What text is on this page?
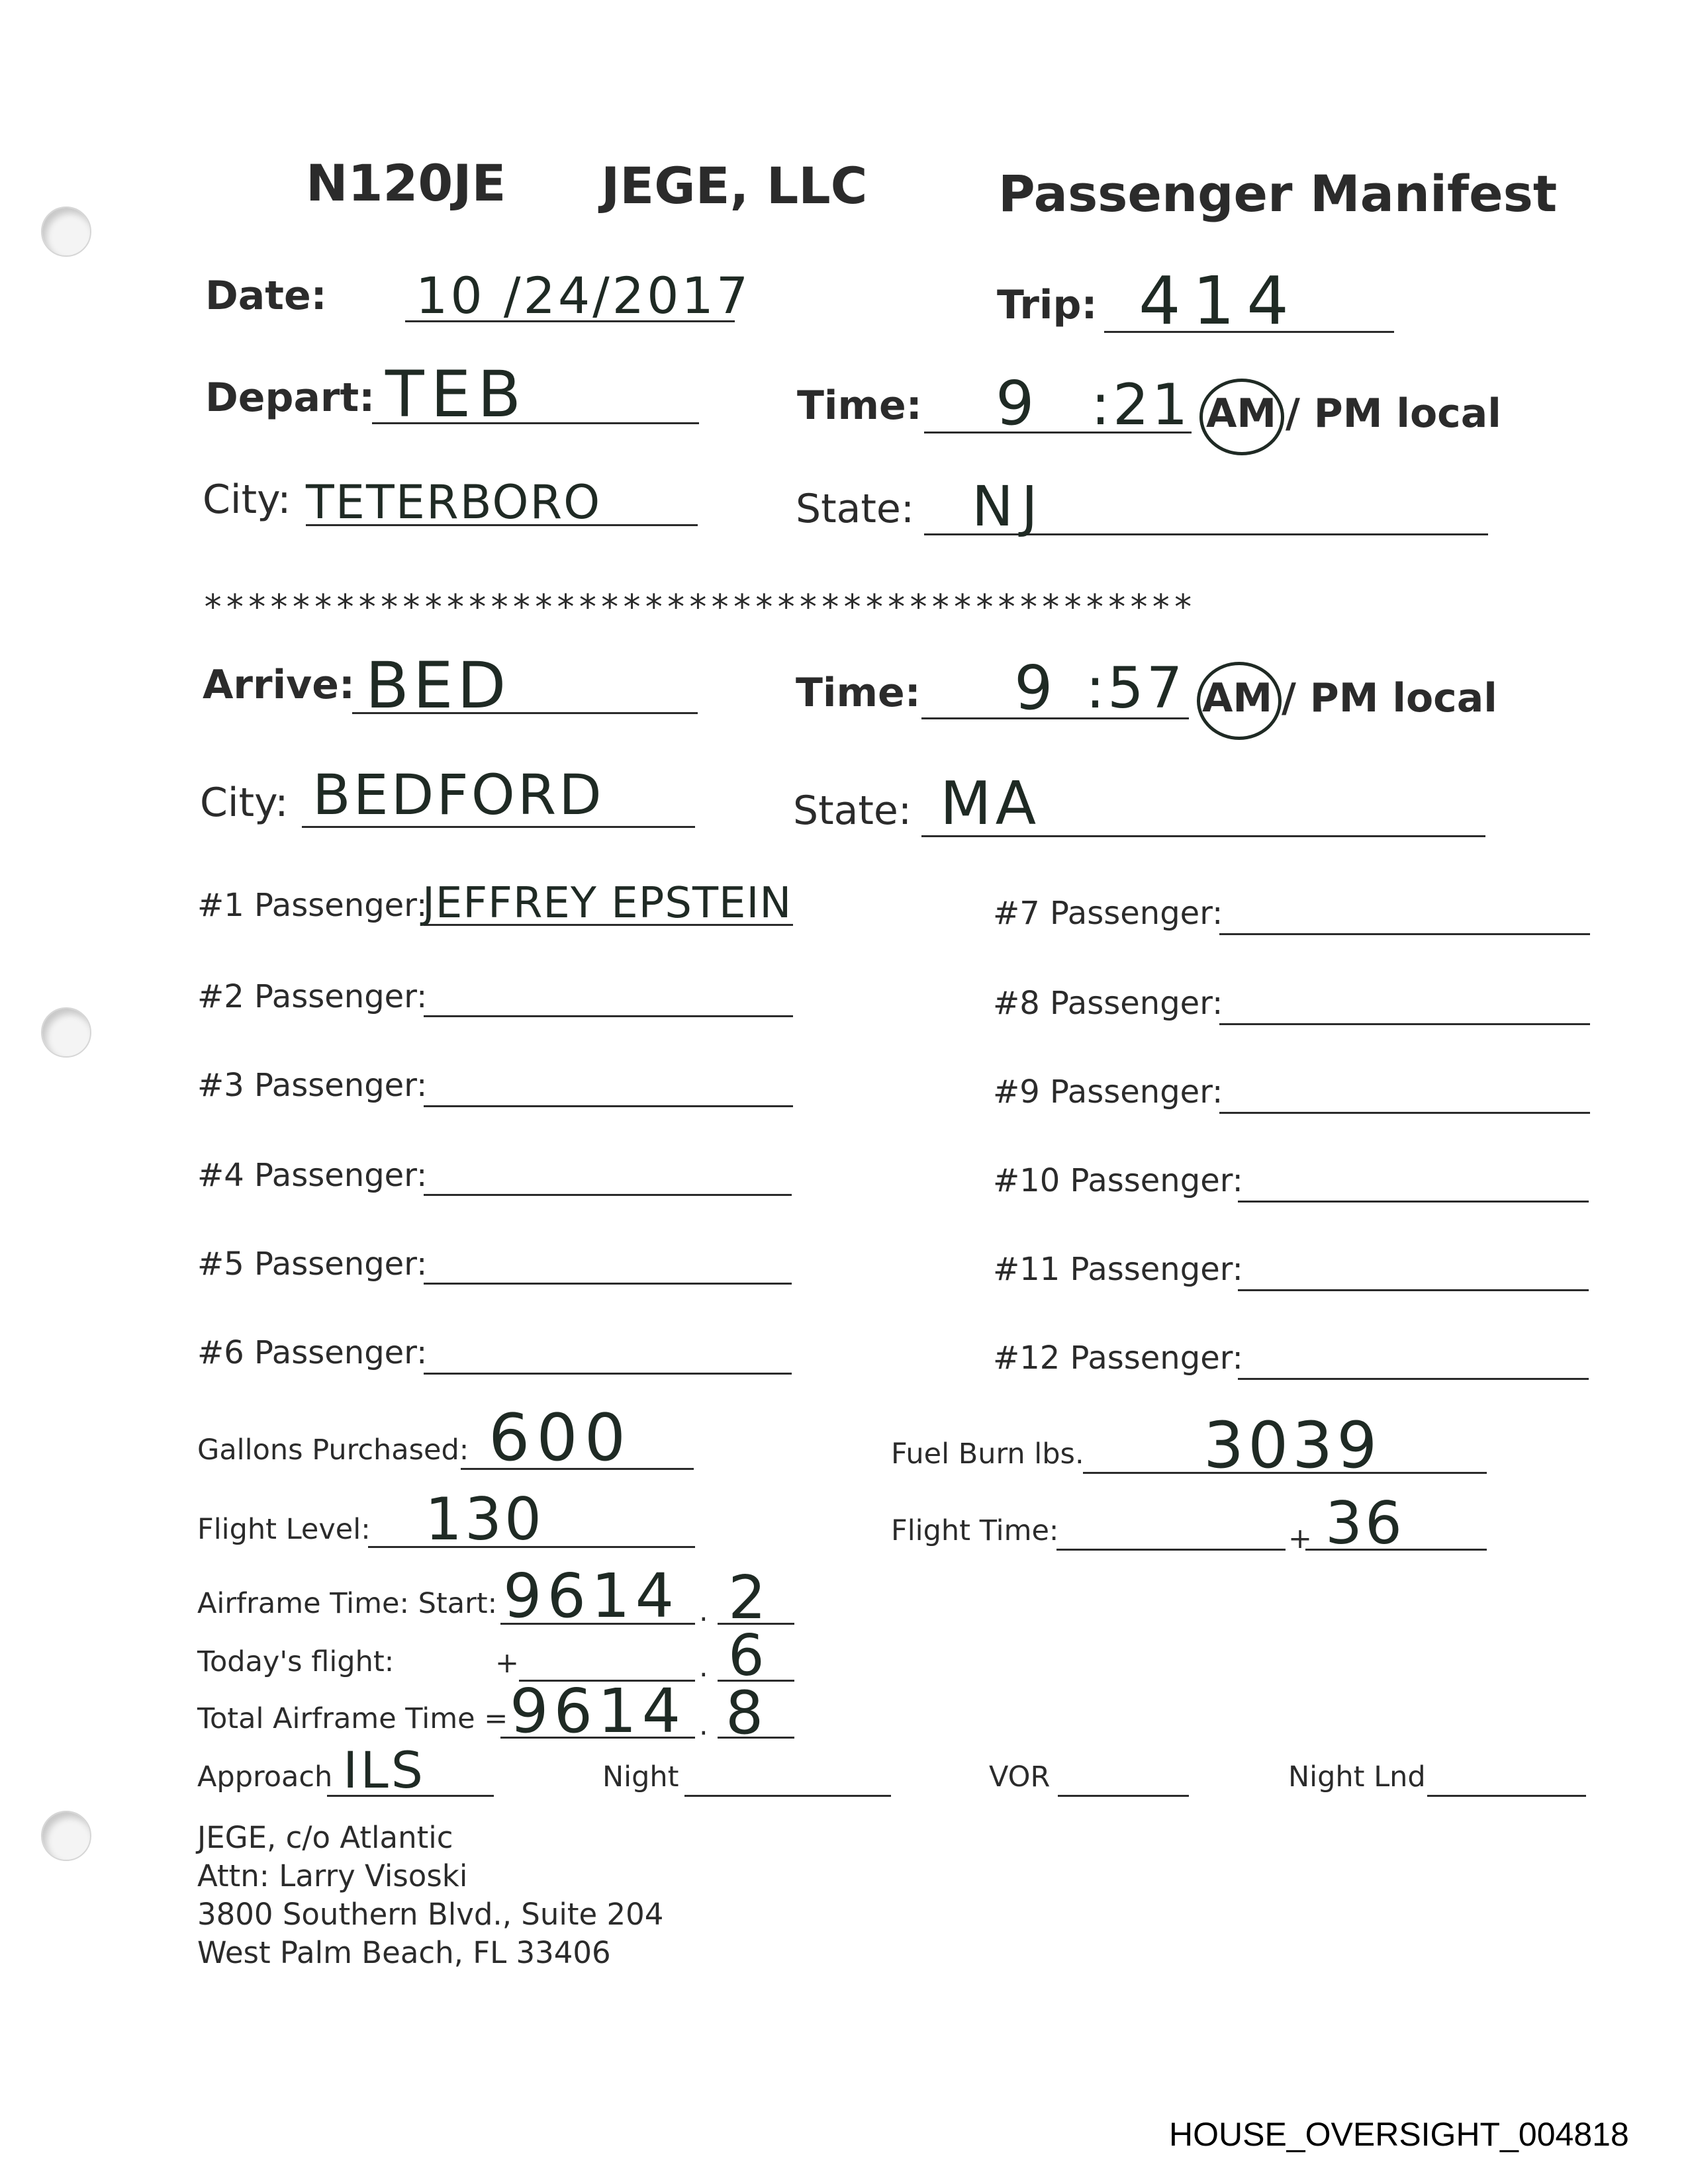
N120JE JEGE, LLC	Passenger Manifest
Date: 10 /24/2017	Trip: 414
Depart: TEB	Time: 9 :21 AM / PM local
City: TETERBORO	State: NJ
*********************************************
Arrive: BED	Time: 9 :57 AM / PM local
City: BEDFORD	State: MA
#1 Passenger:
JEFFREY EPSTEIN
#2 Passenger:
#3 Passenger:
#4 Passenger:
#5 Passenger:
#6 Passenger:
#7 Passenger:
#8 Passenger:
#9 Passenger:
#10 Passenger:
#11 Passenger:
#12 Passenger:
Gallons Purchased: 600	Fuel Burn lbs. 3039
Flight Level: 130	Flight Time:	+ 36
Airframe Time: Start: 9614 . 2
Today's flight:	+	. 6
Total Airframe Time = 9614 . 8
Approach ILS	Night	VOR	Night Lnd
JEGE, c/o Atlantic
Attn: Larry Visoski
3800 Southern Blvd., Suite 204
West Palm Beach, FL 33406
HOUSE_OVERSIGHT_004818
